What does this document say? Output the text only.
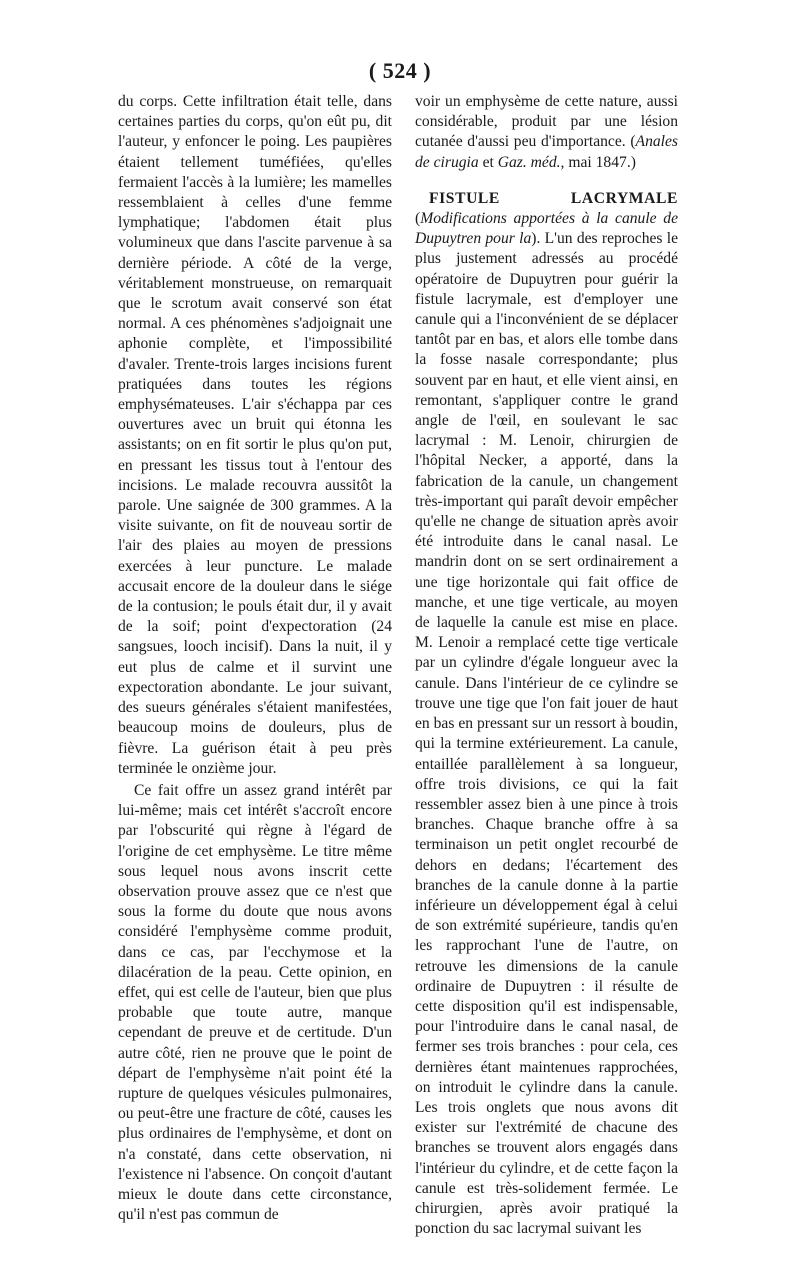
( 524 )

du corps. Cette infiltration était telle, dans certaines parties du corps, qu'on eût pu, dit l'auteur, y enfoncer le poing. Les paupières étaient tellement tuméfiées, qu'elles fermaient l'accès à la lumière; les mamelles ressemblaient à celles d'une femme lymphatique; l'abdomen était plus volumineux que dans l'ascite parvenue à sa dernière période. A côté de la verge, véritablement monstrueuse, on remarquait que le scrotum avait conservé son état normal. A ces phénomènes s'adjoignait une aphonie complète, et l'impossibilité d'avaler. Trente-trois larges incisions furent pratiquées dans toutes les régions emphysémateuses. L'air s'échappa par ces ouvertures avec un bruit qui étonna les assistants; on en fit sortir le plus qu'on put, en pressant les tissus tout à l'entour des incisions. Le malade recouvra aussitôt la parole. Une saignée de 300 grammes. A la visite suivante, on fit de nouveau sortir de l'air des plaies au moyen de pressions exercées à leur puncture. Le malade accusait encore de la douleur dans le siége de la contusion; le pouls était dur, il y avait de la soif; point d'expectoration (24 sangsues, looch incisif). Dans la nuit, il y eut plus de calme et il survint une expectoration abondante. Le jour suivant, des sueurs générales s'étaient manifestées, beaucoup moins de douleurs, plus de fièvre. La guérison était à peu près terminée le onzième jour.

Ce fait offre un assez grand intérêt par lui-même; mais cet intérêt s'accroît encore par l'obscurité qui règne à l'égard de l'origine de cet emphysème. Le titre même sous lequel nous avons inscrit cette observation prouve assez que ce n'est que sous la forme du doute que nous avons considéré l'emphysème comme produit, dans ce cas, par l'ecchymose et la dilacération de la peau. Cette opinion, en effet, qui est celle de l'auteur, bien que plus probable que toute autre, manque cependant de preuve et de certitude. D'un autre côté, rien ne prouve que le point de départ de l'emphysème n'ait point été la rupture de quelques vésicules pulmonaires, ou peut-être une fracture de côté, causes les plus ordinaires de l'emphysème, et dont on n'a constaté, dans cette observation, ni l'existence ni l'absence. On conçoit d'autant mieux le doute dans cette circonstance, qu'il n'est pas commun de

voir un emphysème de cette nature, aussi considérable, produit par une lésion cutanée d'aussi peu d'importance. (Anales de cirugia et Gaz. méd., mai 1847.)

FISTULE LACRYMALE (Modifications apportées à la canule de Dupuytren pour la). L'un des reproches le plus justement adressés au procédé opératoire de Dupuytren pour guérir la fistule lacrymale, est d'employer une canule qui a l'inconvénient de se déplacer tantôt par en bas, et alors elle tombe dans la fosse nasale correspondante; plus souvent par en haut, et elle vient ainsi, en remontant, s'appliquer contre le grand angle de l'œil, en soulevant le sac lacrymal : M. Lenoir, chirurgien de l'hôpital Necker, a apporté, dans la fabrication de la canule, un changement très-important qui paraît devoir empêcher qu'elle ne change de situation après avoir été introduite dans le canal nasal. Le mandrin dont on se sert ordinairement a une tige horizontale qui fait office de manche, et une tige verticale, au moyen de laquelle la canule est mise en place. M. Lenoir a remplacé cette tige verticale par un cylindre d'égale longueur avec la canule. Dans l'intérieur de ce cylindre se trouve une tige que l'on fait jouer de haut en bas en pressant sur un ressort à boudin, qui la termine extérieurement. La canule, entaillée parallèlement à sa longueur, offre trois divisions, ce qui la fait ressembler assez bien à une pince à trois branches. Chaque branche offre à sa terminaison un petit onglet recourbé de dehors en dedans; l'écartement des branches de la canule donne à la partie inférieure un développement égal à celui de son extrémité supérieure, tandis qu'en les rapprochant l'une de l'autre, on retrouve les dimensions de la canule ordinaire de Dupuytren : il résulte de cette disposition qu'il est indispensable, pour l'introduire dans le canal nasal, de fermer ses trois branches : pour cela, ces dernières étant maintenues rapprochées, on introduit le cylindre dans la canule. Les trois onglets que nous avons dit exister sur l'extrémité de chacune des branches se trouvent alors engagés dans l'intérieur du cylindre, et de cette façon la canule est très-solidement fermée. Le chirurgien, après avoir pratiqué la ponction du sac lacrymal suivant les
